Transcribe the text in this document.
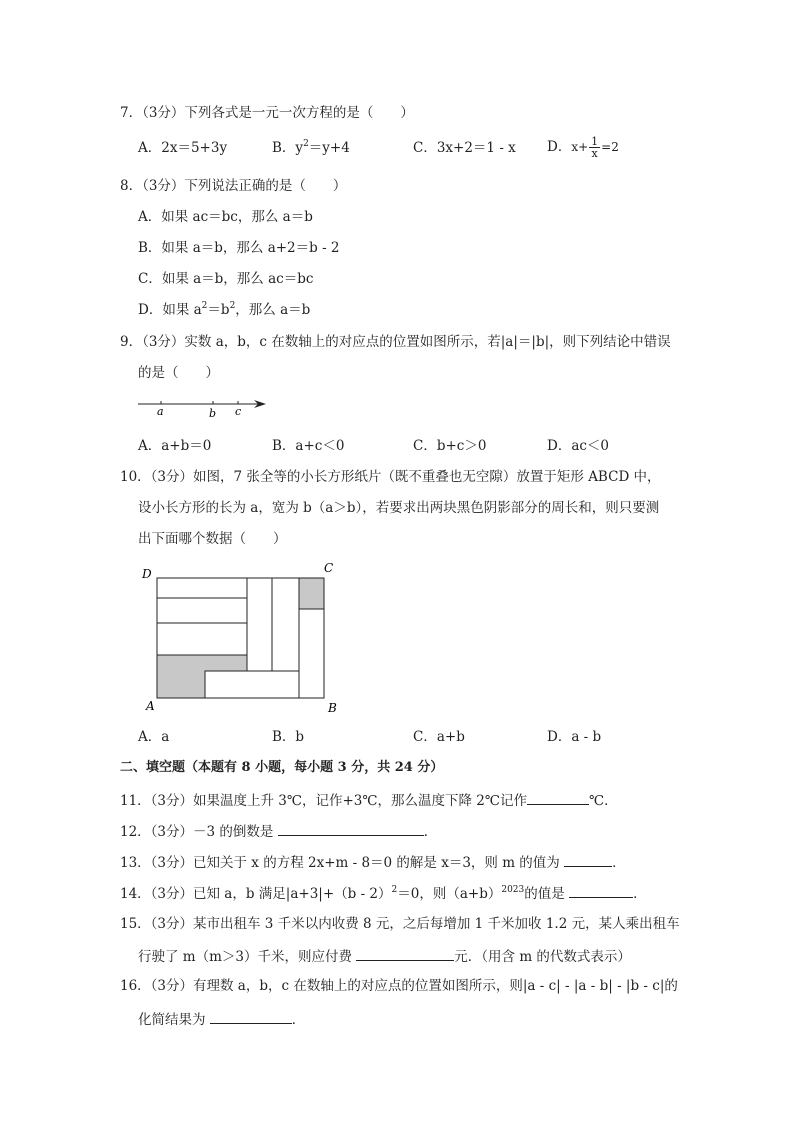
7．（3分）下列各式是一元一次方程的是（　　）
A．2x＝5+3y	B．$y^2=y+4$	C．3x+2＝1 - x D．$x+ \frac{1}{x} =2$
8．（3分）下列说法正确的是（　　）
A．如果 ac＝bc，那么 a＝b
B．如果 a＝b，那么 a+2＝b - 2
C．如果 a＝b，那么 ac＝bc
D．如果 $a^2=b^2$，那么 a＝b
9．（3分）实数 a，b，c 在数轴上的对应点的位置如图所示，若|a|＝|b|，则下列结论中错误
的是（　　）
a	b c
A．a+b＝0	B．a+c＜0	C．b+c＞0	D．ac＜0
10．（3分）如图，7 张全等的小长方形纸片（既不重叠也无空隙）放置于矩形 ABCD 中，
设小长方形的长为 a，宽为 b（a＞b），若要求出两块黑色阴影部分的周长和，则只要测
出下面哪个数据（　　）
D	C
A	B
A．a	B．b	C．a+b	D．a - b
二、填空题（本题有 8 小题，每小题 3 分，共 24 分）
11．（3分）如果温度上升 3℃，记作+3℃，那么温度下降 2℃记作	℃．
12．（3分）－3 的倒数是	．
13．（3分）已知关于 x 的方程 2x+m - 8＝0 的解是 x＝3，则 m 的值为	．
14．（3分）已知 a，b 满足|a+3|+（b - 2）$^2$＝0，则$(a+b)^{2023}$的值是	．
15．（3分）某市出租车 3 千米以内收费 8 元，之后每增加 1 千米加收 1.2 元，某人乘出租车
行驶了 m（m＞3）千米，则应付费	元．（用含 m 的代数式表示）
16．（3分）有理数 a，b，c 在数轴上的对应点的位置如图所示，则|a - c| - |a - b| - |b - c|的
化简结果为	．
